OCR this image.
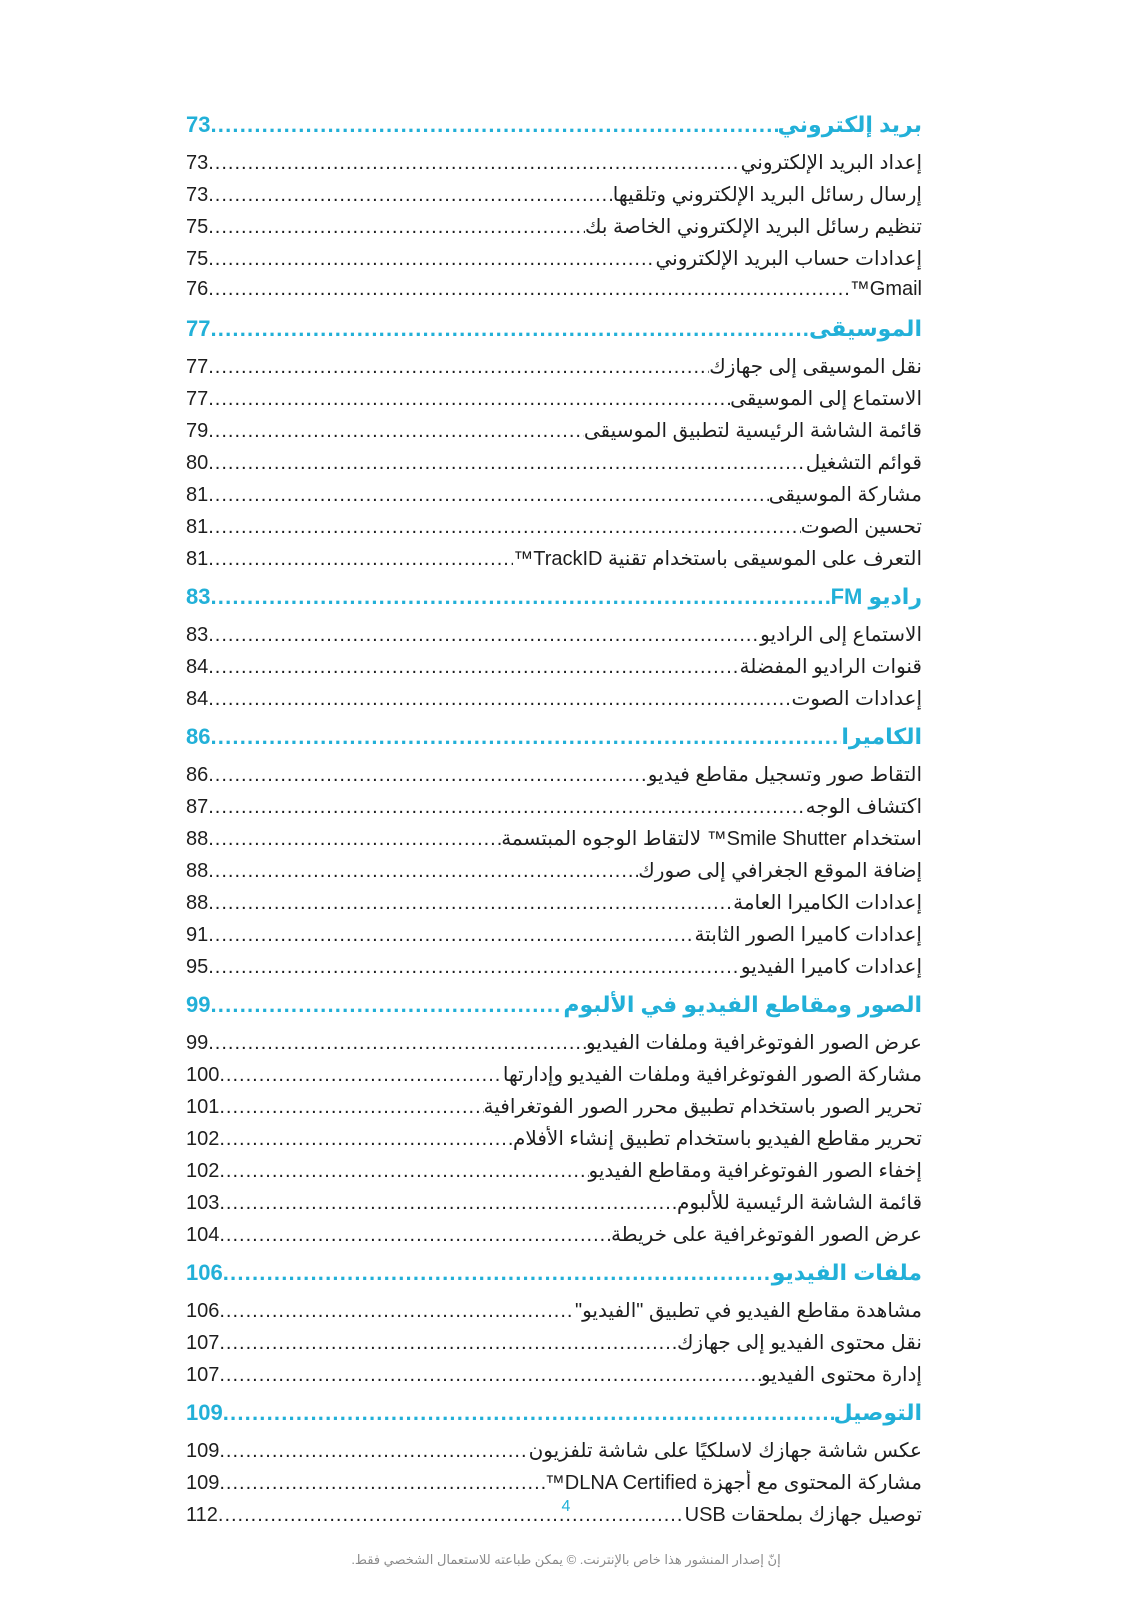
بريد إلكتروني
.....
73
إعداد البريد الإلكتروني
.....
73
إرسال رسائل البريد الإلكتروني وتلقيها
.....
73
تنظيم رسائل البريد الإلكتروني الخاصة بك
.....
75
إعدادات حساب البريد الإلكتروني
.....
75
Gmail™
.....
76
الموسيقى
.....
77
نقل الموسيقى إلى جهازك
.....
77
الاستماع إلى الموسيقى
.....
77
قائمة الشاشة الرئيسية لتطبيق الموسيقى
.....
79
قوائم التشغيل
.....
80
مشاركة الموسيقى
.....
81
تحسين الصوت
.....
81
التعرف على الموسيقى باستخدام تقنية TrackID™
.....
81
راديو FM
.....
83
الاستماع إلى الراديو
.....
83
قنوات الراديو المفضلة
.....
84
إعدادات الصوت
.....
84
الكاميرا
.....
86
التقاط صور وتسجيل مقاطع فيديو
.....
86
اكتشاف الوجه
.....
87
استخدام Smile Shutter™ لالتقاط الوجوه المبتسمة
.....
88
إضافة الموقع الجغرافي إلى صورك
.....
88
إعدادات الكاميرا العامة
.....
88
إعدادات كاميرا الصور الثابتة
.....
91
إعدادات كاميرا الفيديو
.....
95
الصور ومقاطع الفيديو في الألبوم
.....
99
عرض الصور الفوتوغرافية وملفات الفيديو
.....
99
مشاركة الصور الفوتوغرافية وملفات الفيديو وإدارتها
.....
100
تحرير الصور باستخدام تطبيق محرر الصور الفوتغرافية
.....
101
تحرير مقاطع الفيديو باستخدام تطبيق إنشاء الأفلام
.....
102
إخفاء الصور الفوتوغرافية ومقاطع الفيديو
.....
102
قائمة الشاشة الرئيسية للألبوم
.....
103
عرض الصور الفوتوغرافية على خريطة
.....
104
ملفات الفيديو
.....
106
مشاهدة مقاطع الفيديو في تطبيق "الفيديو"
.....
106
نقل محتوى الفيديو إلى جهازك
.....
107
إدارة محتوى الفيديو
.....
107
التوصيل
.....
109
عكس شاشة جهازك لاسلكيًا على شاشة تلفزيون
.....
109
مشاركة المحتوى مع أجهزة DLNA Certified™
.....
109
توصيل جهازك بملحقات USB
.....
112	4
إنّ إصدار المنشور هذا خاص بالإنترنت. © يمكن طباعته للاستعمال الشخصي فقط.
